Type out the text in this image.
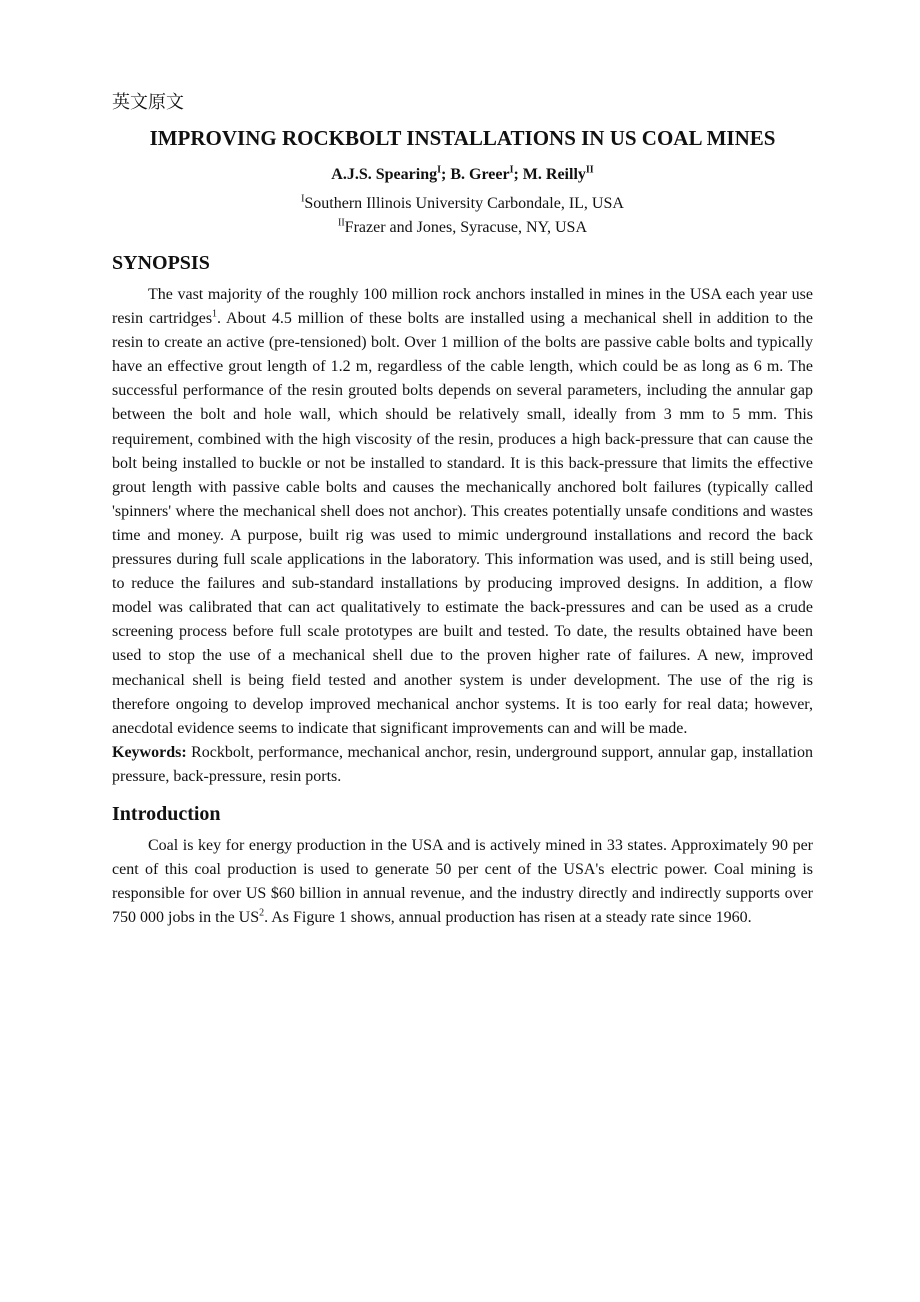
英文原文
IMPROVING ROCKBOLT INSTALLATIONS IN US COAL MINES
A.J.S. Spearing$^I$; B. Greer$^I$; M. Reilly$^{II}$

$^I$Southern Illinois University Carbondale, IL, USA

$^{II}$Frazer and Jones, Syracuse, NY, USA

SYNOPSIS

The vast majority of the roughly 100 million rock anchors installed in mines in the USA each year use resin cartridges$^1$. About 4.5 million of these bolts are installed using a mechanical shell in addition to the resin to create an active (pre-tensioned) bolt. Over 1 million of the bolts are passive cable bolts and typically have an effective grout length of 1.2 m, regardless of the cable length, which could be as long as 6 m. The successful performance of the resin grouted bolts depends on several parameters, including the annular gap between the bolt and hole wall, which should be relatively small, ideally from 3 mm to 5 mm. This requirement, combined with the high viscosity of the resin, produces a high back-pressure that can cause the bolt being installed to buckle or not be installed to standard. It is this back-pressure that limits the effective grout length with passive cable bolts and causes the mechanically anchored bolt failures (typically called 'spinners' where the mechanical shell does not anchor). This creates potentially unsafe conditions and wastes time and money. A purpose, built rig was used to mimic underground installations and record the back pressures during full scale applications in the laboratory. This information was used, and is still being used, to reduce the failures and sub-standard installations by producing improved designs. In addition, a flow model was calibrated that can act qualitatively to estimate the back-pressures and can be used as a crude screening process before full scale prototypes are built and tested. To date, the results obtained have been used to stop the use of a mechanical shell due to the proven higher rate of failures. A new, improved mechanical shell is being field tested and another system is under development. The use of the rig is therefore ongoing to develop improved mechanical anchor systems. It is too early for real data; however, anecdotal evidence seems to indicate that significant improvements can and will be made.

Keywords: Rockbolt, performance, mechanical anchor, resin, underground support, annular gap, installation pressure, back-pressure, resin ports.

Introduction

Coal is key for energy production in the USA and is actively mined in 33 states. Approximately 90 per cent of this coal production is used to generate 50 per cent of the USA's electric power. Coal mining is responsible for over US $60 billion in annual revenue, and the industry directly and indirectly supports over 750 000 jobs in the $US^2$. As Figure 1 shows, annual production has risen at a steady rate since 1960.
